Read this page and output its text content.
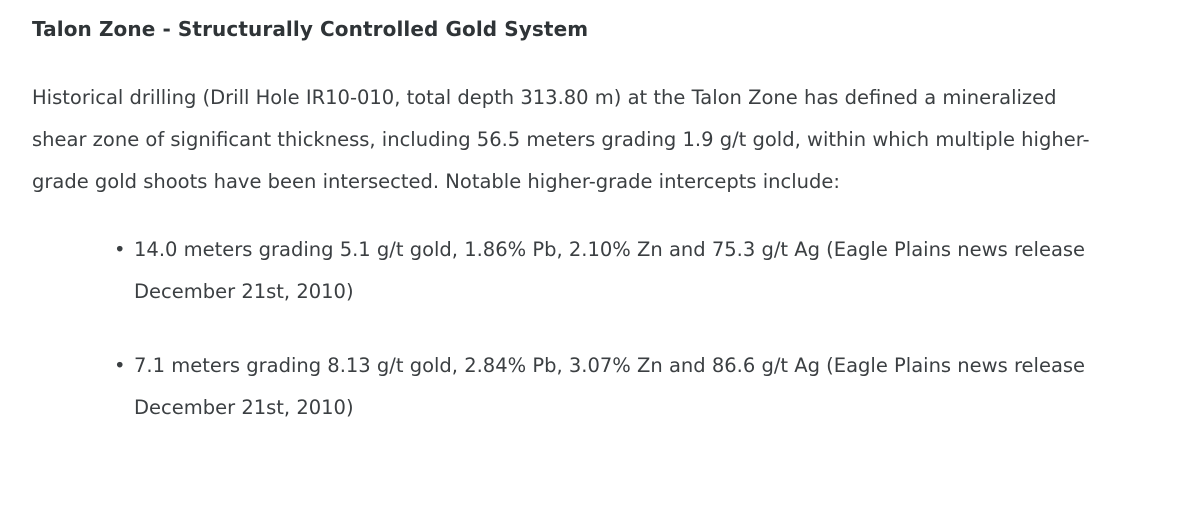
Talon Zone - Structurally Controlled Gold System

Historical drilling (Drill Hole IR10-010, total depth 313.80 m) at the Talon Zone has defined a mineralized shear zone of significant thickness, including 56.5 meters grading 1.9 g/t gold, within which multiple higher-grade gold shoots have been intersected. Notable higher-grade intercepts include:

• 14.0 meters grading 5.1 g/t gold, 1.86% Pb, 2.10% Zn and 75.3 g/t Ag (Eagle Plains news release December 21st, 2010)
• 7.1 meters grading 8.13 g/t gold, 2.84% Pb, 3.07% Zn and 86.6 g/t Ag (Eagle Plains news release December 21st, 2010)
